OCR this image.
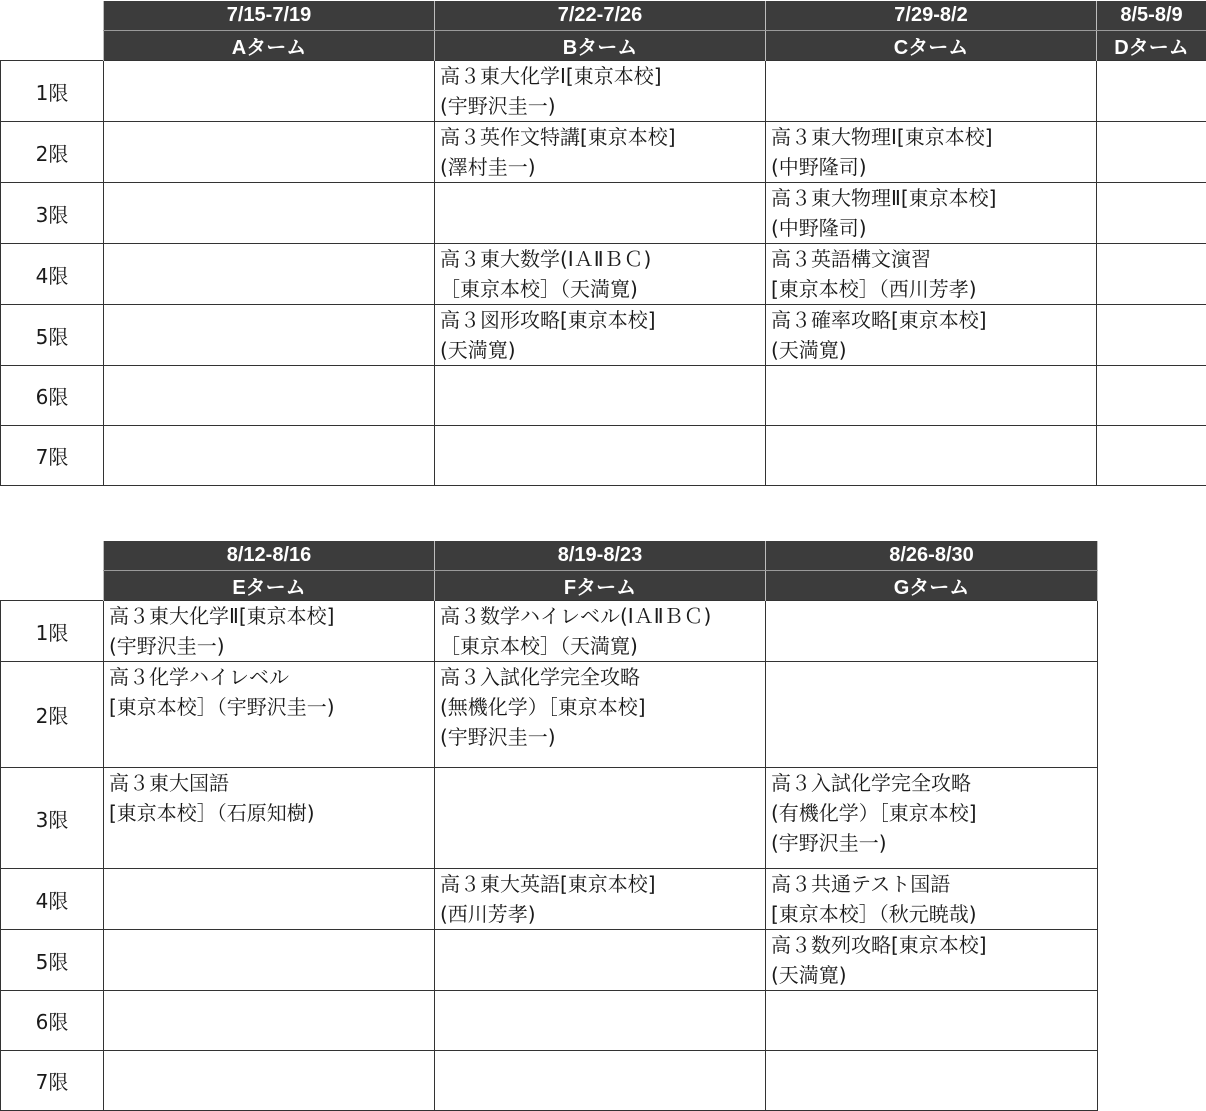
	7/15-7/19	7/22-7/26	7/29-8/2	8/5-8/9
	Aターム	Bターム	Cターム	Dターム
1限		高３東大化学Ⅰ[東京本校]
(宇野沢圭一)		
2限		高３英作文特講[東京本校]
(澤村圭一)	高３東大物理Ⅰ[東京本校]
(中野隆司)	
3限			高３東大物理Ⅱ[東京本校]
(中野隆司)	
4限		高３東大数学(ⅠＡⅡＢＣ)
［東京本校］（天満寛)	高３英語構文演習
[東京本校］（西川芳孝)	
5限		高３図形攻略[東京本校]
(天満寛)	高３確率攻略[東京本校]
(天満寛)	
6限				
7限				
	8/12-8/16	8/19-8/23	8/26-8/30
	Eターム	Fターム	Gターム
1限	高３東大化学Ⅱ[東京本校]
(宇野沢圭一)	高３数学ハイレベル(ⅠＡⅡＢＣ)
［東京本校］（天満寛)	
2限	高３化学ハイレベル
[東京本校］（宇野沢圭一)	高３入試化学完全攻略
(無機化学）［東京本校]
(宇野沢圭一)	
3限	高３東大国語
[東京本校］（石原知樹)		高３入試化学完全攻略
(有機化学）［東京本校]
(宇野沢圭一)
4限		高３東大英語[東京本校]
(西川芳孝)	高３共通テスト国語
[東京本校］（秋元暁哉)
5限			高３数列攻略[東京本校]
(天満寛)
6限			
7限			
